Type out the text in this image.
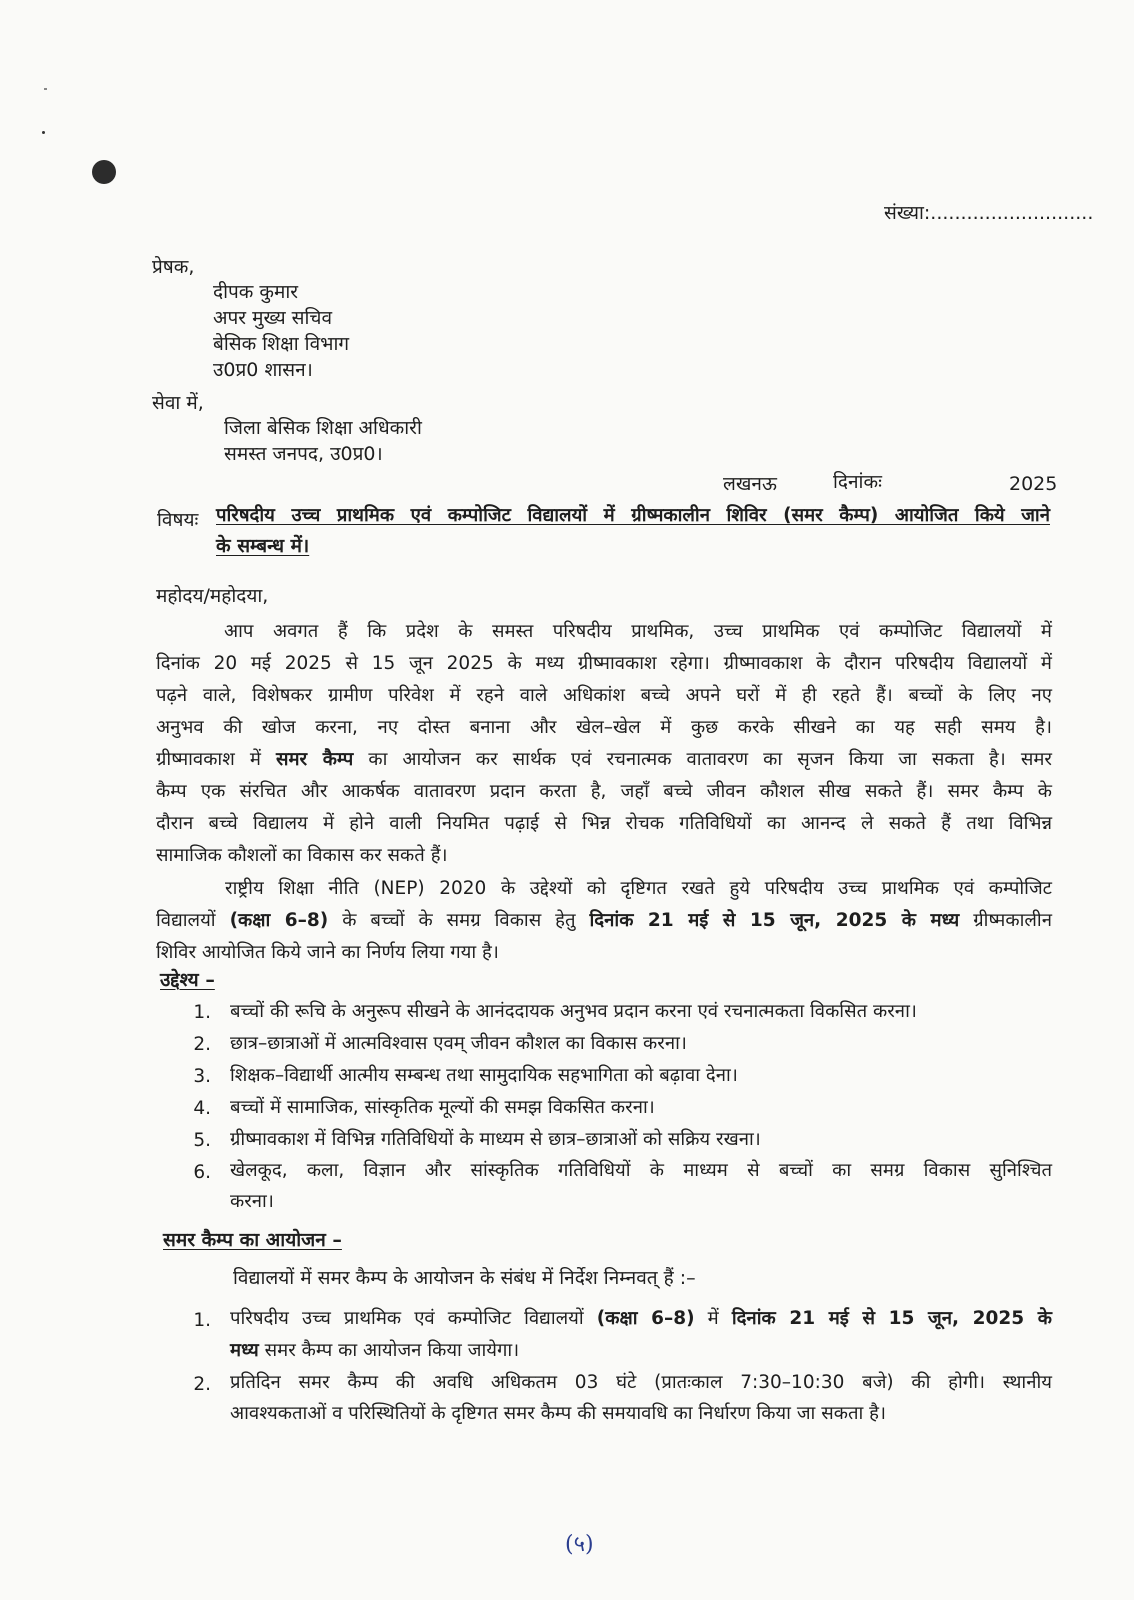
संख्या:...........................
प्रेषक,
दीपक कुमार
अपर मुख्य सचिव
बेसिक शिक्षा विभाग
उ0प्र0 शासन।
सेवा में,
जिला बेसिक शिक्षा अधिकारी
समस्त जनपद, उ0प्र0।
लखनऊ	दिनांकः	2025
विषयः परिषदीय उच्च प्राथमिक एवं कम्पोजिट विद्यालयों में ग्रीष्मकालीन शिविर (समर कैम्प) आयोजित किये जाने
के सम्बन्ध में।
महोदय/महोदया,
आप अवगत हैं कि प्रदेश के समस्त परिषदीय प्राथमिक, उच्च प्राथमिक एवं कम्पोजिट विद्यालयों में
दिनांक 20 मई 2025 से 15 जून 2025 के मध्य ग्रीष्मावकाश रहेगा। ग्रीष्मावकाश के दौरान परिषदीय विद्यालयों में
पढ़ने वाले, विशेषकर ग्रामीण परिवेश में रहने वाले अधिकांश बच्चे अपने घरों में ही रहते हैं। बच्चों के लिए नए
अनुभव की खोज करना, नए दोस्त बनाना और खेल–खेल में कुछ करके सीखने का यह सही समय है।
ग्रीष्मावकाश में समर कैम्प का आयोजन कर सार्थक एवं रचनात्मक वातावरण का सृजन किया जा सकता है। समर
कैम्प एक संरचित और आकर्षक वातावरण प्रदान करता है, जहाँ बच्चे जीवन कौशल सीख सकते हैं। समर कैम्प के
दौरान बच्चे विद्यालय में होने वाली नियमित पढ़ाई से भिन्न रोचक गतिविधियों का आनन्द ले सकते हैं तथा विभिन्न
सामाजिक कौशलों का विकास कर सकते हैं।
राष्ट्रीय शिक्षा नीति (NEP) 2020 के उद्देश्यों को दृष्टिगत रखते हुये परिषदीय उच्च प्राथमिक एवं कम्पोजिट
विद्यालयों (कक्षा 6–8) के बच्चों के समग्र विकास हेतु दिनांक 21 मई से 15 जून, 2025 के मध्य ग्रीष्मकालीन
शिविर आयोजित किये जाने का निर्णय लिया गया है।
उद्देश्य –
1. बच्चों की रूचि के अनुरूप सीखने के आनंददायक अनुभव प्रदान करना एवं रचनात्मकता विकसित करना।
2. छात्र–छात्राओं में आत्मविश्वास एवम् जीवन कौशल का विकास करना।
3. शिक्षक–विद्यार्थी आत्मीय सम्बन्ध तथा सामुदायिक सहभागिता को बढ़ावा देना।
4. बच्चों में सामाजिक, सांस्कृतिक मूल्यों की समझ विकसित करना।
5. ग्रीष्मावकाश में विभिन्न गतिविधियों के माध्यम से छात्र–छात्राओं को सक्रिय रखना।
6. खेलकूद, कला, विज्ञान और सांस्कृतिक गतिविधियों के माध्यम से बच्चों का समग्र विकास सुनिश्चित
करना।
समर कैम्प का आयोजन –
विद्यालयों में समर कैम्प के आयोजन के संबंध में निर्देश निम्नवत् हैं :–
1. परिषदीय उच्च प्राथमिक एवं कम्पोजिट विद्यालयों (कक्षा 6–8) में दिनांक 21 मई से 15 जून, 2025 के
मध्य समर कैम्प का आयोजन किया जायेगा।
2. प्रतिदिन समर कैम्प की अवधि अधिकतम 03 घंटे (प्रातःकाल 7:30–10:30 बजे) की होगी। स्थानीय
आवश्यकताओं व परिस्थितियों के दृष्टिगत समर कैम्प की समयावधि का निर्धारण किया जा सकता है।
(५)
